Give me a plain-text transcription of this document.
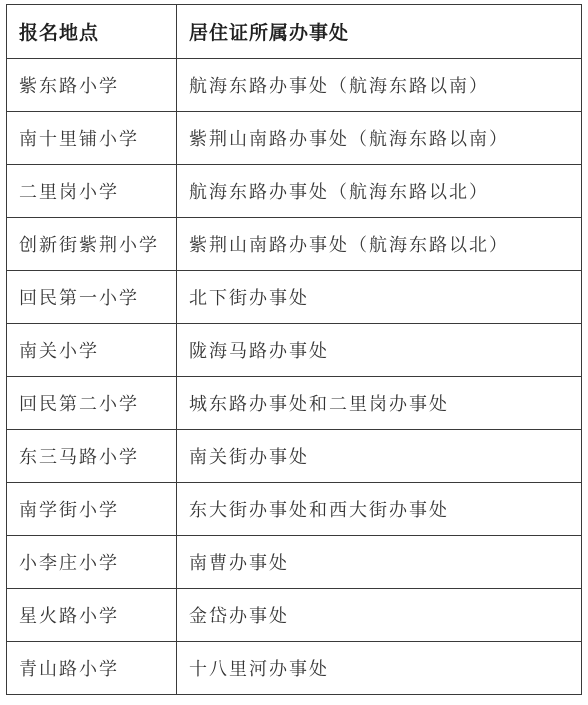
报名地点	居住证所属办事处
紫东路小学	航海东路办事处（航海东路以南）
南十里铺小学	紫荆山南路办事处（航海东路以南）
二里岗小学	航海东路办事处（航海东路以北）
创新街紫荆小学	紫荆山南路办事处（航海东路以北）
回民第一小学	北下街办事处
南关小学	陇海马路办事处
回民第二小学	城东路办事处和二里岗办事处
东三马路小学	南关街办事处
南学街小学	东大街办事处和西大街办事处
小李庄小学	南曹办事处
星火路小学	金岱办事处
青山路小学	十八里河办事处
